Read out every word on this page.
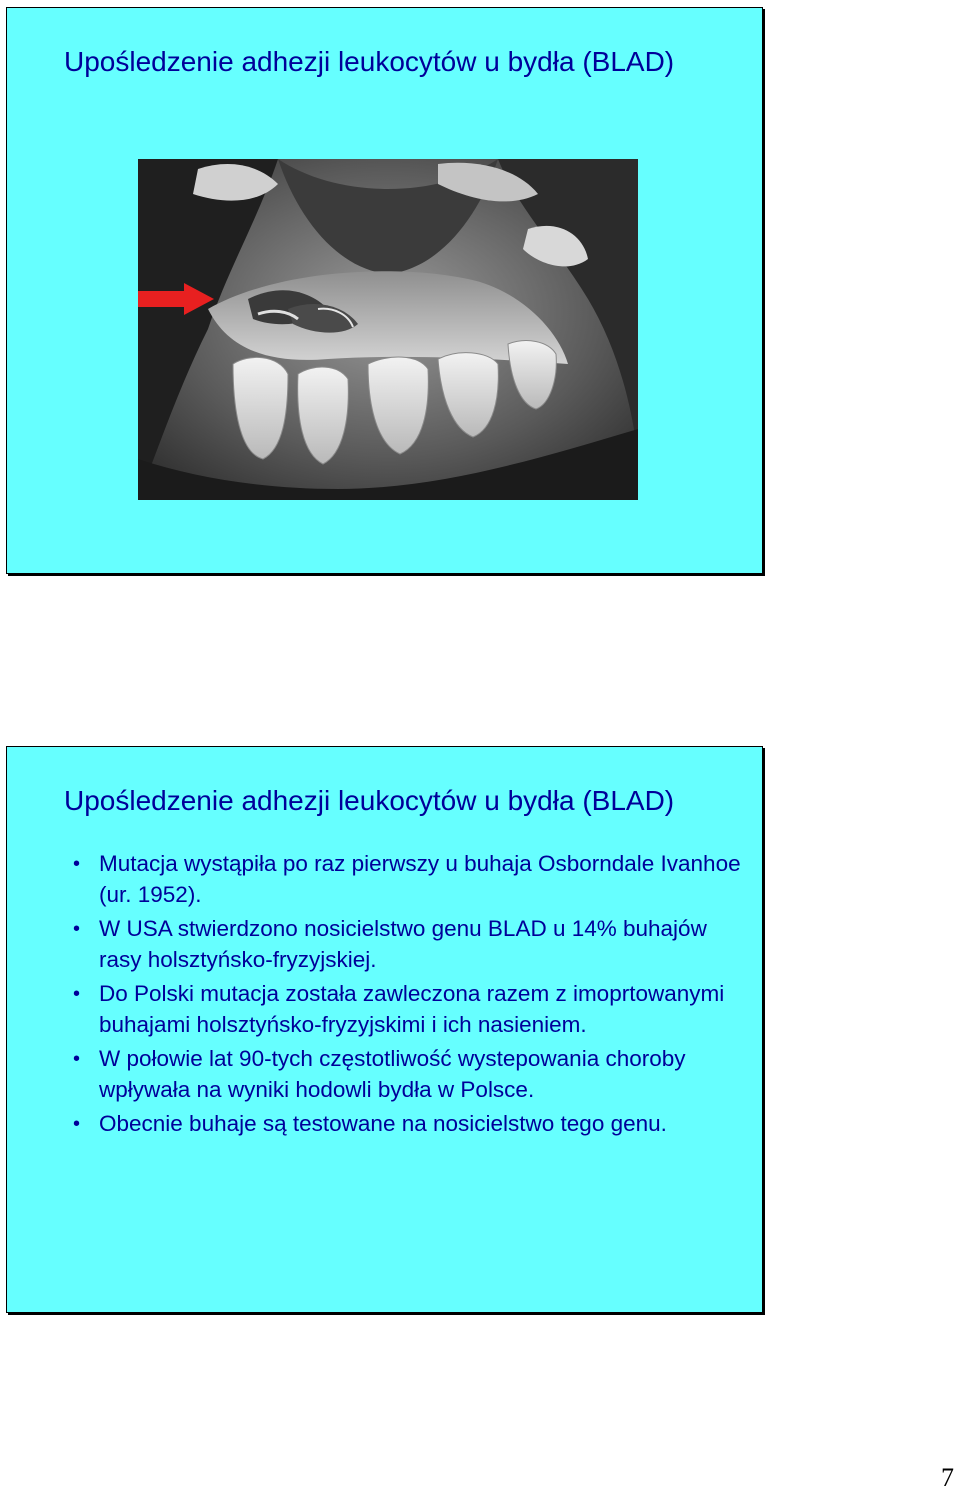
Upośledzenie adhezji leukocytów u bydła (BLAD)
Upośledzenie adhezji leukocytów u bydła (BLAD)
• Mutacja wystąpiła po raz pierwszy u buhaja Osborndale Ivanhoe (ur. 1952).
• W USA stwierdzono nosicielstwo genu BLAD u 14% buhajów rasy holsztyńsko-fryzyjskiej.
• Do Polski mutacja została zawleczona razem z imoprtowanymi buhajami holsztyńsko-fryzyjskimi i ich nasieniem.
• W połowie lat 90-tych częstotliwość wystepowania choroby wpływała na wyniki hodowli bydła w Polsce.
• Obecnie buhaje są testowane na nosicielstwo tego genu.
7
